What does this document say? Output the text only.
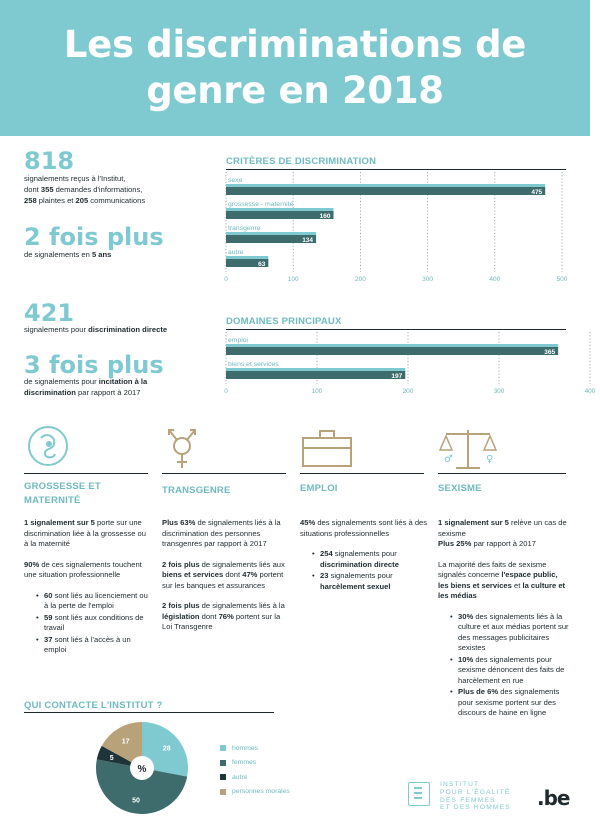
Les discriminations de genre en 2018
818
signalements reçus à l'Institut,
dont 355 demandes d'informations,
258 plaintes et 205 communications
2 fois plus
de signalements en 5 ans
421
signalements pour discrimination directe
3 fois plus
de signalements pour incitation à la
discrimination par rapport à 2017
CRITÈRES DE DISCRIMINATION
0	100	200	300	400	500
sexe
475
grossesse - maternité
160
transgenre
134
autre
63
DOMAINES PRINCIPAUX
0	100	200	300	400
emploi
365
biens et services
197
♂	♀
GROSSESSE ET
MATERNITÉ
TRANSGENRE	EMPLOI	SEXISME

1 signalement sur 5 porte sur une discrimination liée à la grossesse ou à la maternité

90% de ces signalements touchent une situation professionnelle

• 60 sont liés au licenciement ou à la perte de l'emploi
• 59 sont liés aux conditions de travail
• 37 sont liés à l'accès à un emploi

Plus 63% de signalements liés à la discrimination des personnes transgenres par rapport à 2017

2 fois plus de signalements liés aux biens et services dont 47% portent sur les banques et assurances

2 fois plus de signalements liés à la législation dont 76% portent sur la Loi Transgenre

45% des signalements sont liés à des situations professionnelles

• 254 signalements pour discrimination directe
• 23 signalements pour harcèlement sexuel

1 signalement sur 5 relève un cas de sexisme

Plus 25% par rapport à 2017

La majorité des faits de sexisme signalés concerne l'espace public, les biens et services et la culture et les médias

• 30% des signalements liés à la culture et aux médias portent sur des messages publicitaires sexistes
• 10% des signalements pour sexisme dénoncent des faits de harcèlement en rue
• Plus de 6% des signalements pour sexisme portent sur des discours de haine en ligne
QUI CONTACTE L'INSTITUT ?
28
50
5
17
%
hommes
femmes
autre
personnes morales
INSTITUT
POUR L'ÉGALITÉ
DES FEMMES
ET DES HOMMES .be
